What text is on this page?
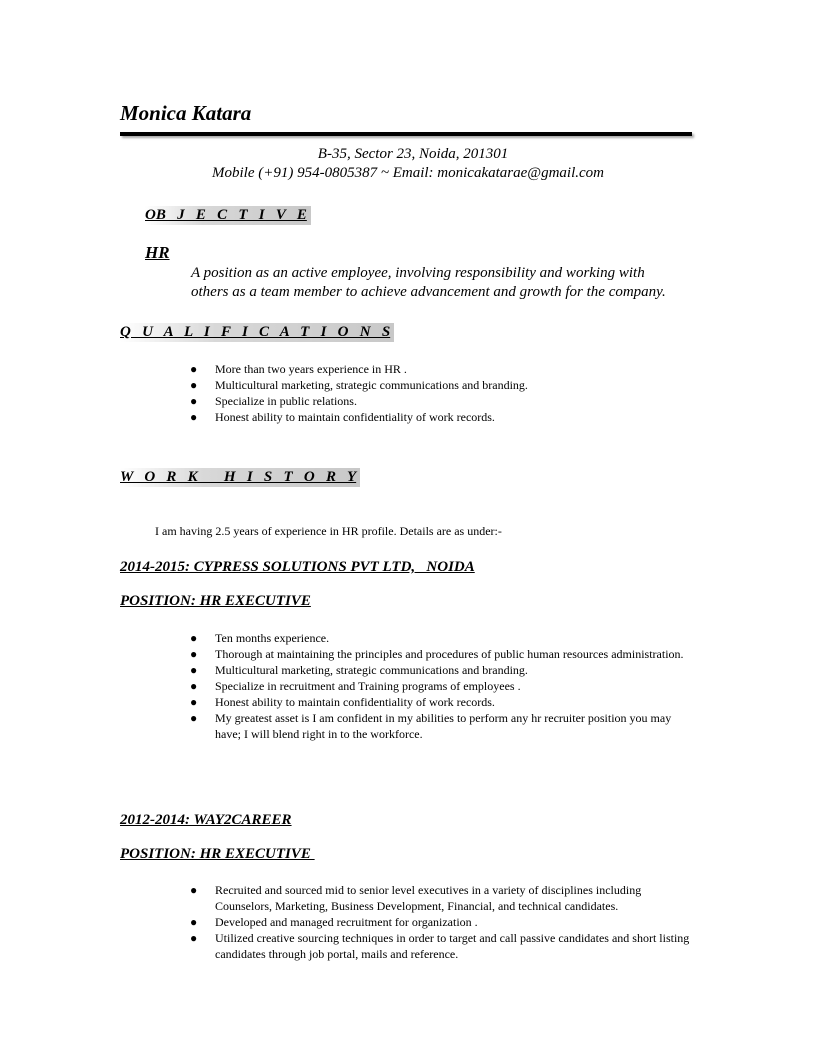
Monica Katara
B-35, Sector 23, Noida, 201301
Mobile (+91) 954-0805387 ~ Email: monicakatarae@gmail.com
OB   J   E   C   T   I   V   E
HR
A position as an active employee, involving responsibility and working with
others as a team member to achieve advancement and growth for the company.
Q   U   A   L   I   F   I   C   A   T   I   O   N   S
● More than two years experience in HR .
● Multicultural marketing, strategic communications and branding.
● Specialize in public relations.
● Honest ability to maintain confidentiality of work records.
W   O   R   K       H   I   S   T   O   R   Y
I am having 2.5 years of experience in HR profile. Details are as under:-
2014-2015: CYPRESS SOLUTIONS PVT LTD,   NOIDA
POSITION: HR EXECUTIVE
● Ten months experience.
● Thorough at maintaining the principles and procedures of public human resources administration.
● Multicultural marketing, strategic communications and branding.
● Specialize in recruitment and Training programs of employees .
● Honest ability to maintain confidentiality of work records.
● My greatest asset is I am confident in my abilities to perform any hr recruiter position you may have; I will blend right in to the workforce.
2012-2014: WAY2CAREER
POSITION: HR EXECUTIVE
● Recruited and sourced mid to senior level executives in a variety of disciplines including Counselors, Marketing, Business Development, Financial, and technical candidates.
● Developed and managed recruitment for organization .
● Utilized creative sourcing techniques in order to target and call passive candidates and short listing candidates through job portal, mails and reference.
